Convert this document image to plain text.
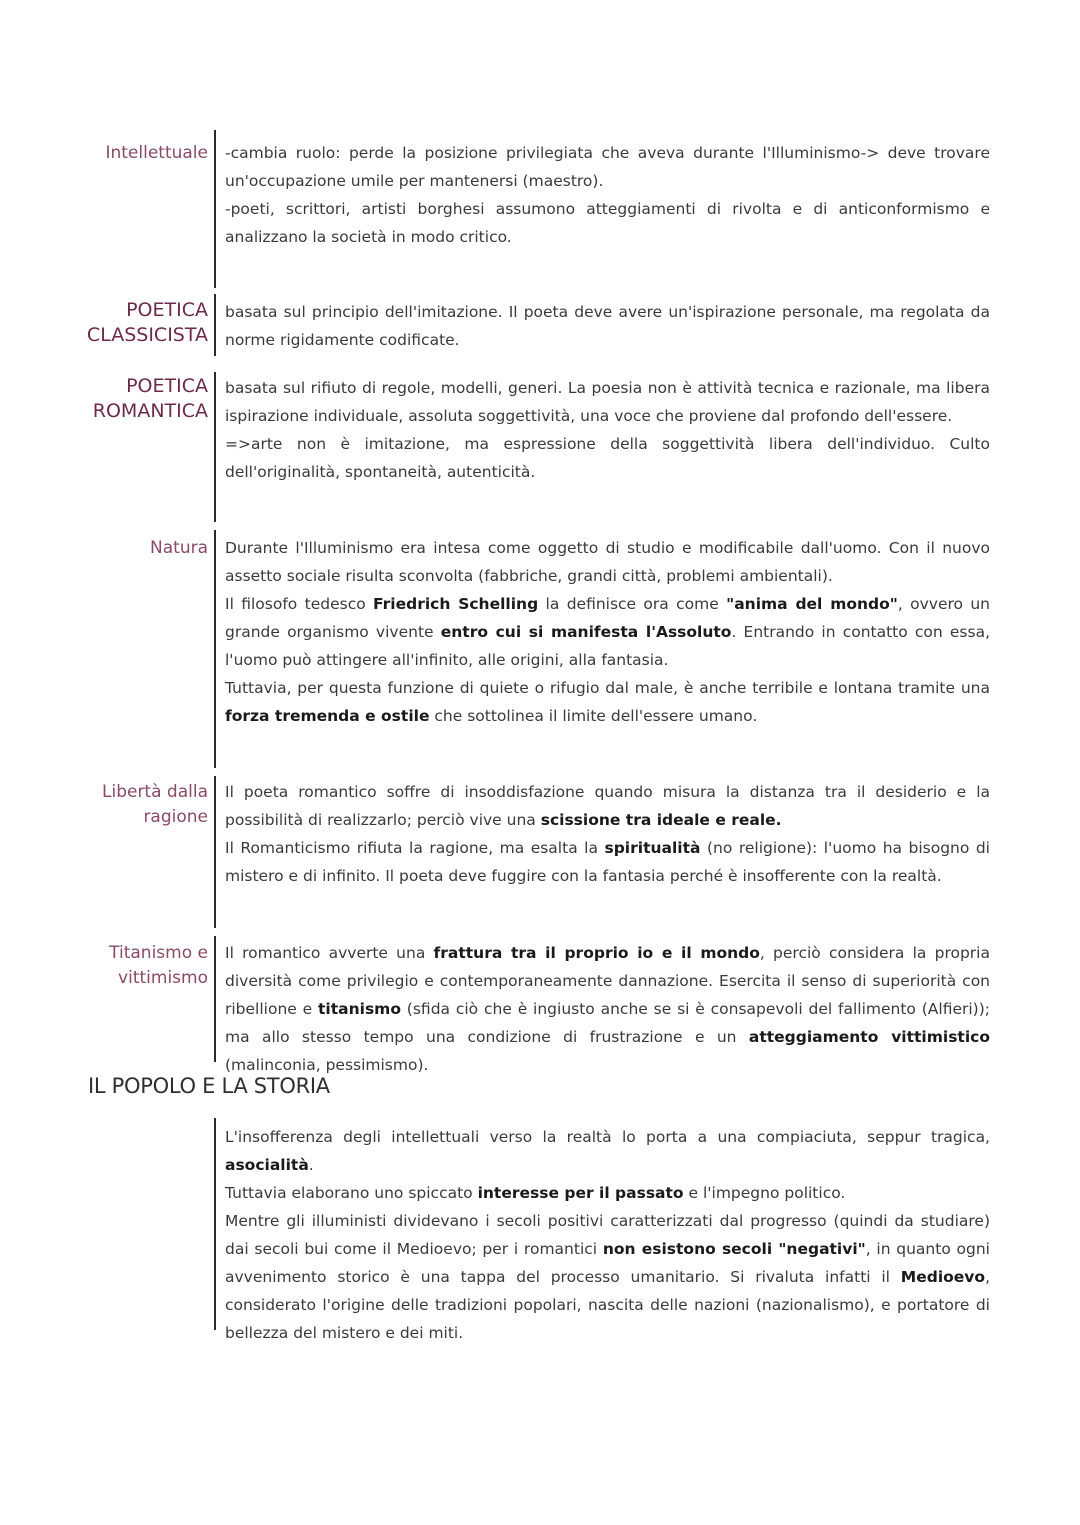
Intellettuale -cambia ruolo: perde la posizione privilegiata che aveva durante l'Illuminismo-> deve trovare un'occupazione umile per mantenersi (maestro).

-poeti, scrittori, artisti borghesi assumono atteggiamenti di rivolta e di anticonformismo e analizzano la società in modo critico.

POETICA
CLASSICISTA

basata sul principio dell'imitazione. Il poeta deve avere un'ispirazione personale, ma regolata da norme rigidamente codificate.

POETICA
ROMANTICA

basata sul rifiuto di regole, modelli, generi. La poesia non è attività tecnica e razionale, ma libera ispirazione individuale, assoluta soggettività, una voce che proviene dal profondo dell'essere.

=>arte non è imitazione, ma espressione della soggettività libera dell'individuo. Culto dell'originalità, spontaneità, autenticità.

Natura Durante l'Illuminismo era intesa come oggetto di studio e modificabile dall'uomo. Con il nuovo assetto sociale risulta sconvolta (fabbriche, grandi città, problemi ambientali).

Il filosofo tedesco Friedrich Schelling la definisce ora come "anima del mondo", ovvero un grande organismo vivente entro cui si manifesta l'Assoluto. Entrando in contatto con essa, l'uomo può attingere all'infinito, alle origini, alla fantasia.

Tuttavia, per questa funzione di quiete o rifugio dal male, è anche terribile e lontana tramite una forza tremenda e ostile che sottolinea il limite dell'essere umano.

Libertà dalla
ragione

Il poeta romantico soffre di insoddisfazione quando misura la distanza tra il desiderio e la possibilità di realizzarlo; perciò vive una scissione tra ideale e reale.

Il Romanticismo rifiuta la ragione, ma esalta la spiritualità (no religione): l'uomo ha bisogno di mistero e di infinito. Il poeta deve fuggire con la fantasia perché è insofferente con la realtà.

Titanismo e
vittimismo

Il romantico avverte una frattura tra il proprio io e il mondo, perciò considera la propria diversità come privilegio e contemporaneamente dannazione. Esercita il senso di superiorità con ribellione e titanismo (sfida ciò che è ingiusto anche se si è consapevoli del fallimento (Alfieri)); ma allo stesso tempo una condizione di frustrazione e un atteggiamento vittimistico (malinconia, pessimismo).

IL POPOLO E LA STORIA

L'insofferenza degli intellettuali verso la realtà lo porta a una compiaciuta, seppur tragica, asocialità.

Tuttavia elaborano uno spiccato interesse per il passato e l'impegno politico.

Mentre gli illuministi dividevano i secoli positivi caratterizzati dal progresso (quindi da studiare) dai secoli bui come il Medioevo; per i romantici non esistono secoli "negativi", in quanto ogni avvenimento storico è una tappa del processo umanitario. Si rivaluta infatti il Medioevo, considerato l'origine delle tradizioni popolari, nascita delle nazioni (nazionalismo), e portatore di bellezza del mistero e dei miti.
